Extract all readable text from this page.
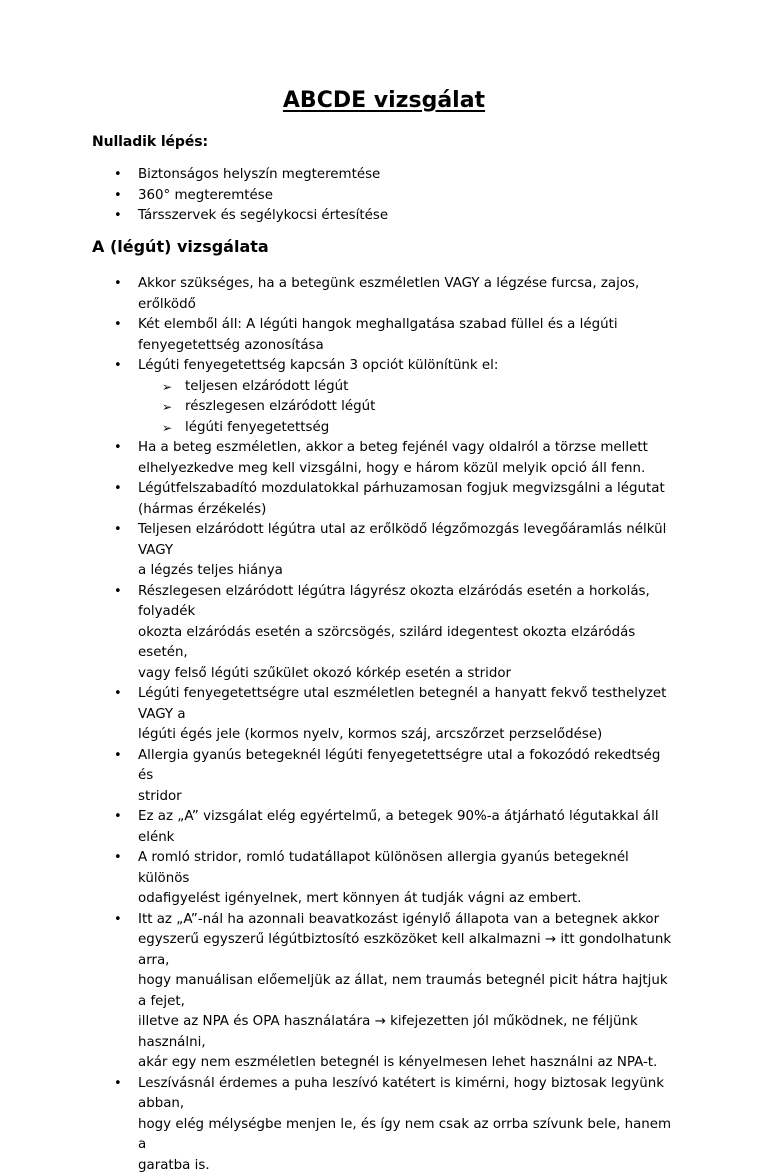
ABCDE vizsgálat
Nulladik lépés:
• Biztonságos helyszín megteremtése
• 360° megteremtése
• Társszervek és segélykocsi értesítése
A (légút) vizsgálata
• Akkor szükséges, ha a betegünk eszméletlen VAGY a légzése furcsa, zajos, erőlködő
• Két elemből áll: A légúti hangok meghallgatása szabad füllel és a légúti
fenyegetettség azonosítása
• Légúti fenyegetettség kapcsán 3 opciót különítünk el:
➢ teljesen elzáródott légút
➢ részlegesen elzáródott légút
➢ légúti fenyegetettség
• Ha a beteg eszméletlen, akkor a beteg fejénél vagy oldalról a törzse mellett
elhelyezkedve meg kell vizsgálni, hogy e három közül melyik opció áll fenn.
• Légútfelszabadító mozdulatokkal párhuzamosan fogjuk megvizsgálni a légutat
(hármas érzékelés)
• Teljesen elzáródott légútra utal az erőlködő légzőmozgás levegőáramlás nélkül VAGY
a légzés teljes hiánya
• Részlegesen elzáródott légútra lágyrész okozta elzáródás esetén a horkolás, folyadék
okozta elzáródás esetén a szörcsögés, szilárd idegentest okozta elzáródás esetén,
vagy felső légúti szűkület okozó kórkép esetén a stridor
• Légúti fenyegetettségre utal eszméletlen betegnél a hanyatt fekvő testhelyzet VAGY a
légúti égés jele (kormos nyelv, kormos száj, arcszőrzet perzselődése)
• Allergia gyanús betegeknél légúti fenyegetettségre utal a fokozódó rekedtség és
stridor
• Ez az „A” vizsgálat elég egyértelmű, a betegek 90%-a átjárható légutakkal áll elénk
• A romló stridor, romló tudatállapot különösen allergia gyanús betegeknél különös
odafigyelést igényelnek, mert könnyen át tudják vágni az embert.
• Itt az „A”-nál ha azonnali beavatkozást igénylő állapota van a betegnek akkor
egyszerű egyszerű légútbiztosító eszközöket kell alkalmazni → itt gondolhatunk arra,
hogy manuálisan előemeljük az állat, nem traumás betegnél picit hátra hajtjuk a fejet,
illetve az NPA és OPA használatára → kifejezetten jól működnek, ne féljünk használni,
akár egy nem eszméletlen betegnél is kényelmesen lehet használni az NPA-t.
• Leszívásnál érdemes a puha leszívó katétert is kimérni, hogy biztosak legyünk abban,
hogy elég mélységbe menjen le, és így nem csak az orrba szívunk bele, hanem a
garatba is.
